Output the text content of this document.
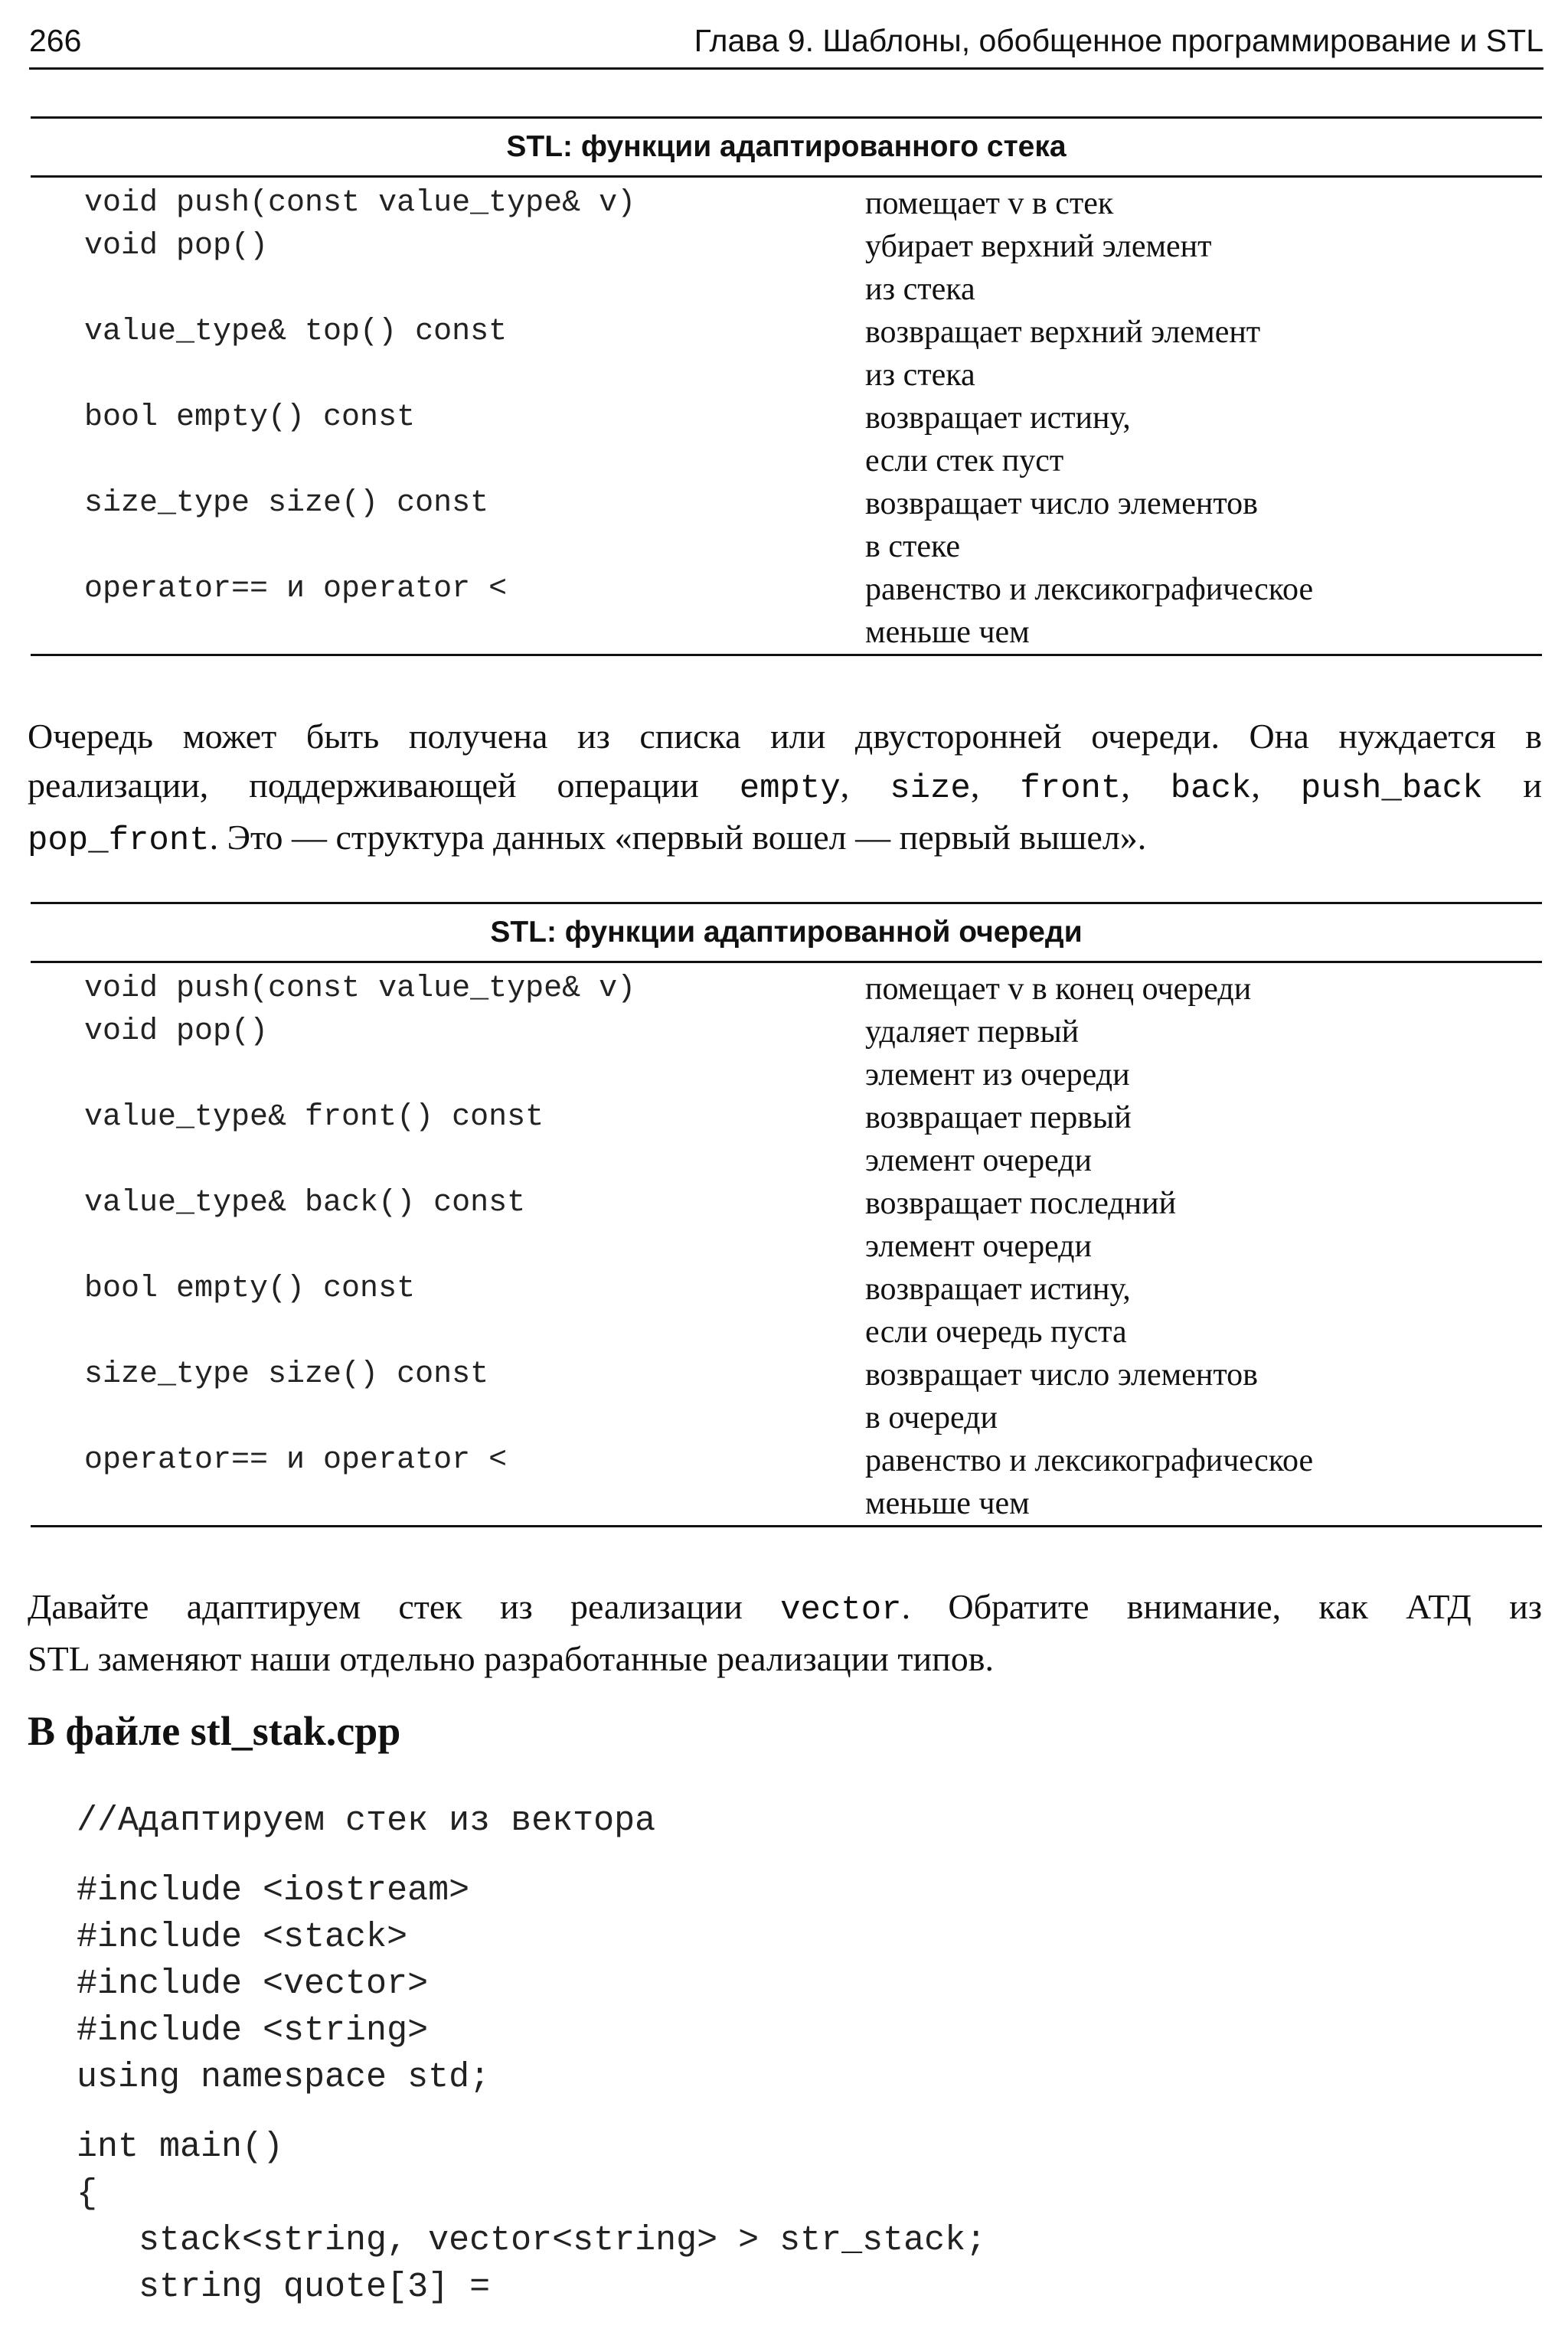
266	Глава 9. Шаблоны, обобщенное программирование и STL
STL: функции адаптированного стека
void push(const value_type& v)	помещает v в стек
void pop()	убирает верхний элемент
из стека
value_type& top() const	возвращает верхний элемент
из стека
bool empty() const	возвращает истину,
если стек пуст
size_type size() const	возвращает число элементов
в стеке
operator== и operator <	равенство и лексикографическое
меньше чем
Очередь может быть получена из списка или двусторонней очереди. Она нуждается в
реализации, поддерживающей операции empty, size, front, back, push_back и
pop_front. Это — структура данных «первый вошел — первый вышел».
STL: функции адаптированной очереди
void push(const value_type& v)	помещает v в конец очереди
void pop()	удаляет первый
элемент из очереди
value_type& front() const	возвращает первый
элемент очереди
value_type& back() const	возвращает последний
элемент очереди
bool empty() const	возвращает истину,
если очередь пуста
size_type size() const	возвращает число элементов
в очереди
operator== и operator <	равенство и лексикографическое
меньше чем
Давайте адаптируем стек из реализации vector. Обратите внимание, как АТД из
STL заменяют наши отдельно разработанные реализации типов.
В файле stl_stak.cpp
//Адаптируем стек из вектора
#include <iostream>
#include <stack>
#include <vector>
#include <string>
using namespace std;
int main()
{
stack<string, vector<string> > str_stack;
string quote[3] =
